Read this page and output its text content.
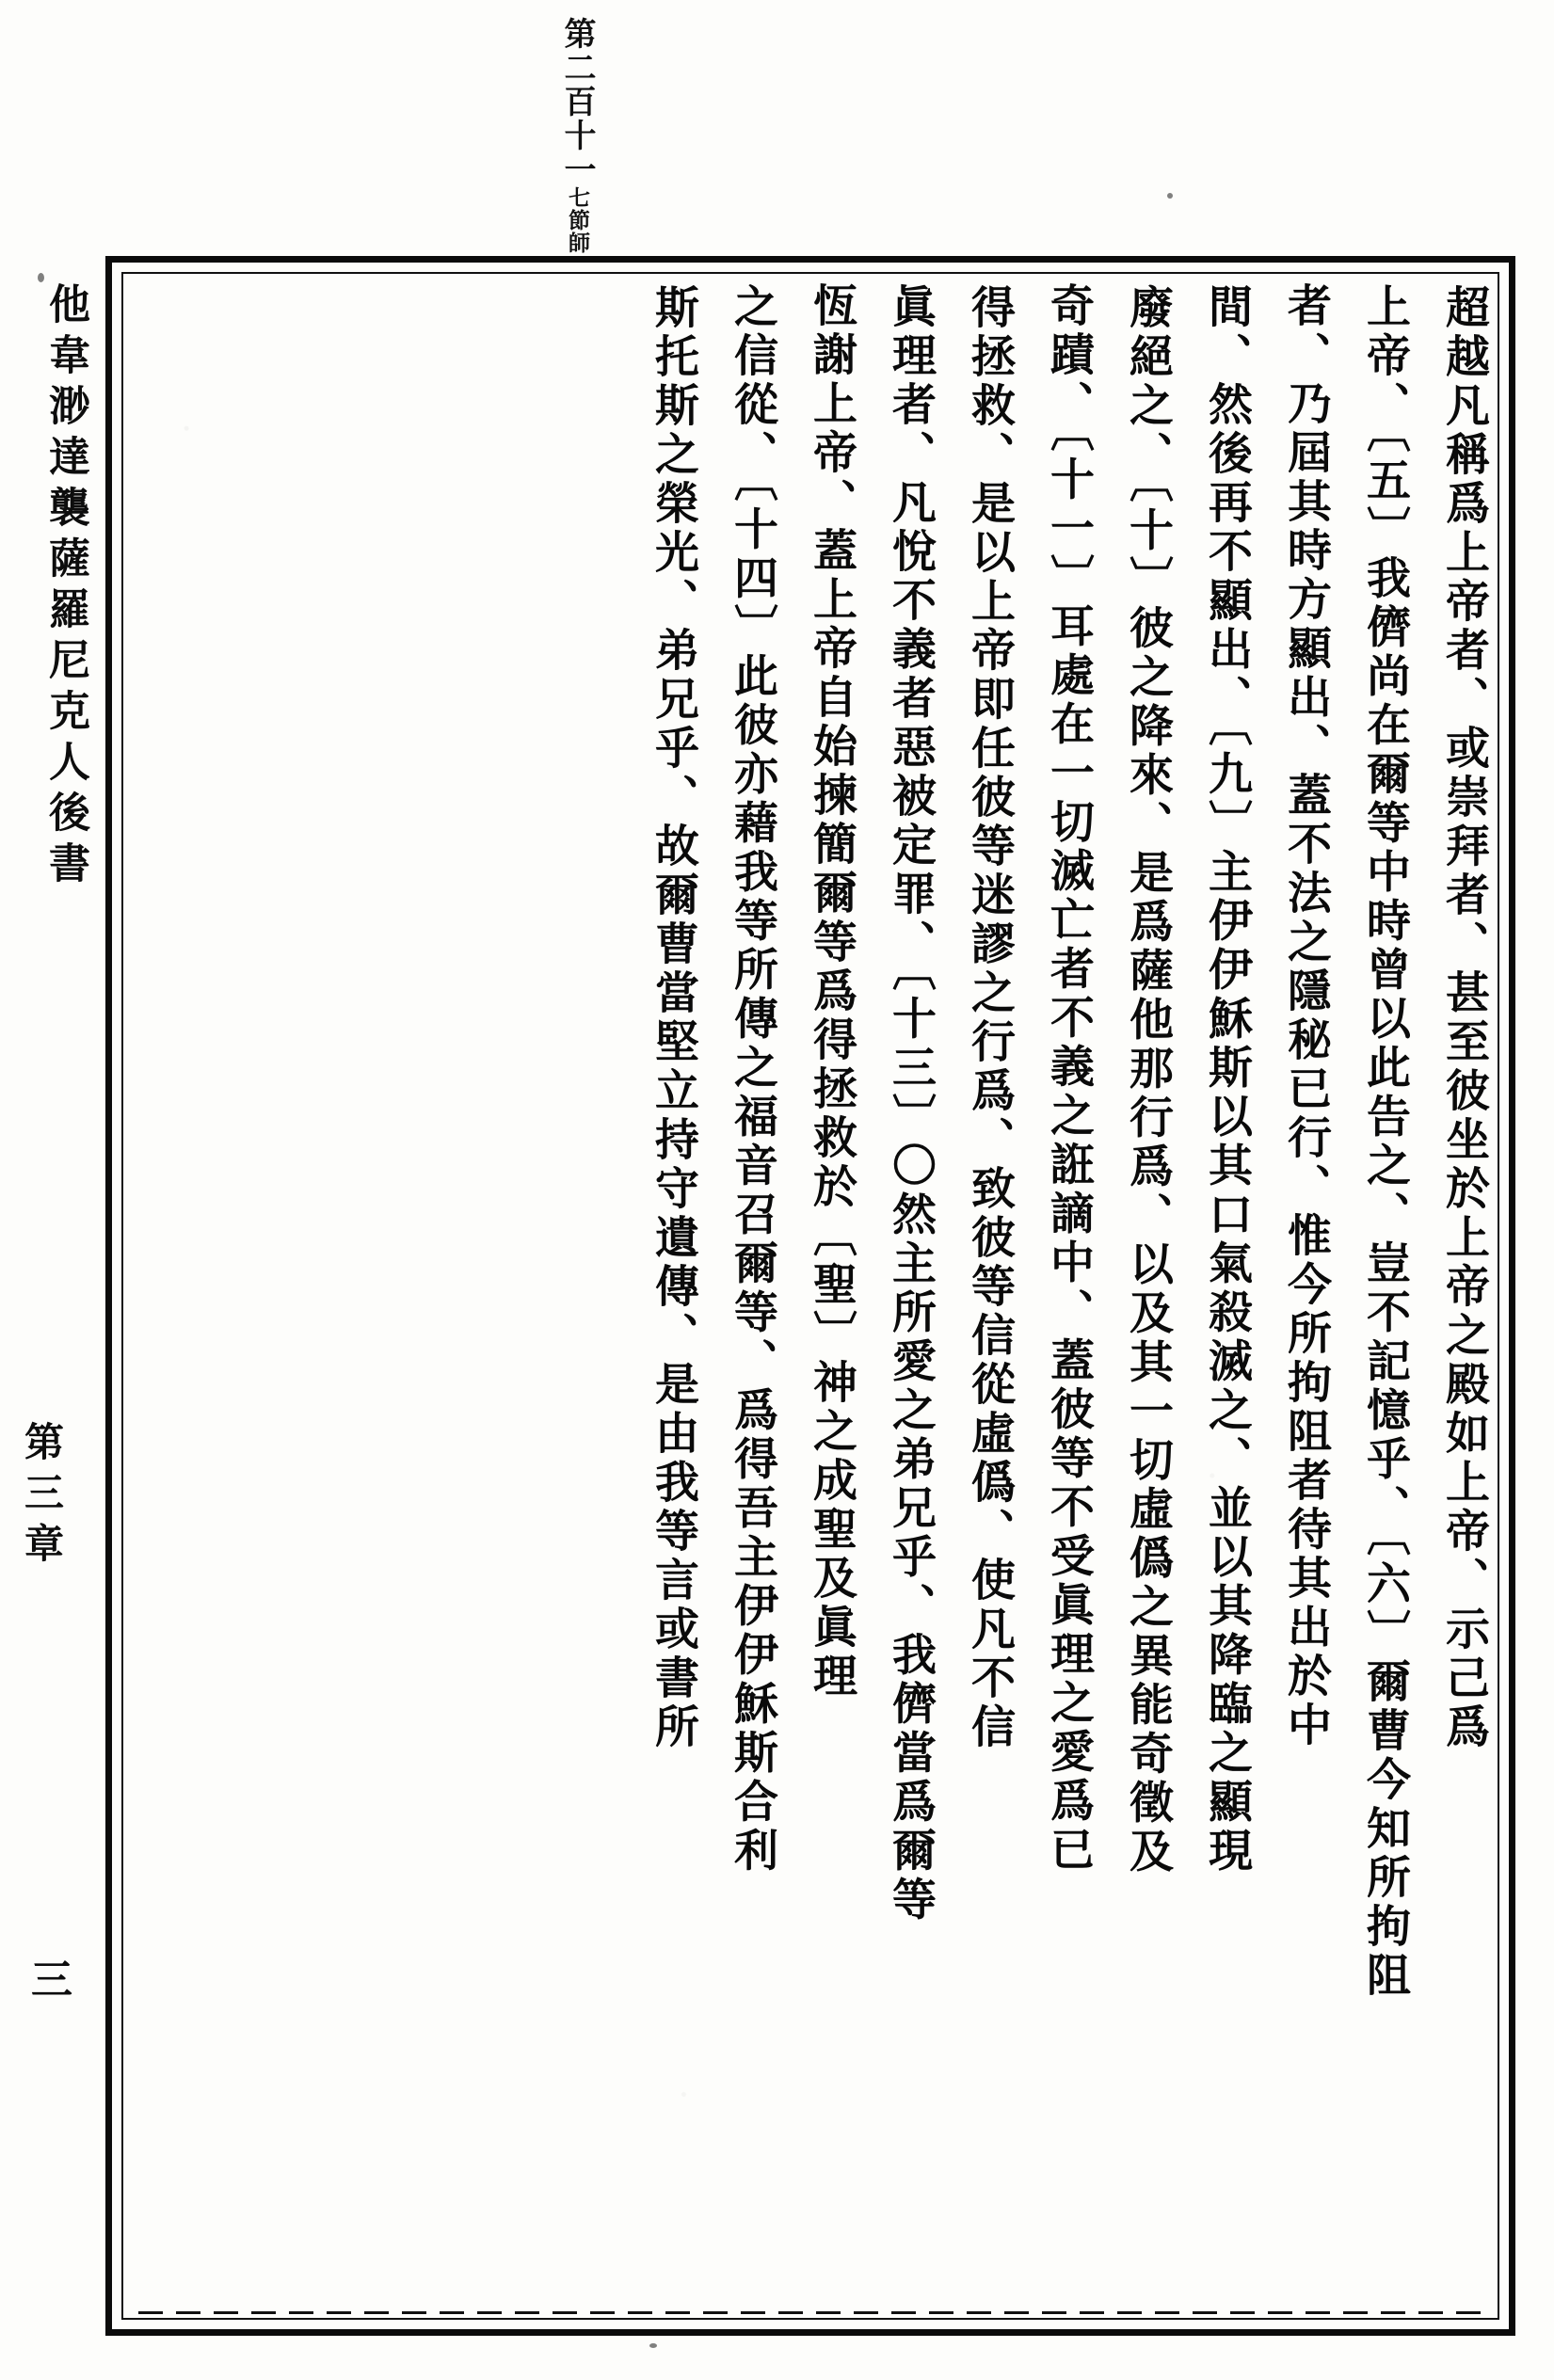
第二百十一七節師
他韋渺達襲薩羅尼克人後書
第三章
三
超越凡稱爲上帝者、或崇拜者、甚至彼坐於上帝之殿如上帝、示己爲
上帝、〔五〕我儕尚在爾等中時曾以此告之、豈不記憶乎、〔六〕爾曹今知所拘阻
者、乃屆其時方顯出、蓋不法之隱秘已行、惟今所拘阻者待其出於中
間、然後再不顯出、〔九〕主伊伊穌斯以其口氣殺滅之、並以其降臨之顯現
廢絕之、〔十〕彼之降來、是爲薩他那行爲、以及其一切虛僞之異能奇徵及
奇蹟、〔十一〕耳處在一切滅亡者不義之誑謫中、蓋彼等不受眞理之愛爲已
得拯救、是以上帝即任彼等迷謬之行爲、致彼等信從虛僞、使凡不信
眞理者、凡悅不義者惡被定罪、〔十三〕〇然主所愛之弟兄乎、我儕當爲爾等
恆謝上帝、蓋上帝自始揀簡爾等爲得拯救於〔聖〕神之成聖及眞理
之信從、〔十四〕此彼亦藉我等所傳之福音召爾等、爲得吾主伊伊穌斯合利
斯托斯之榮光、弟兄乎、故爾曹當堅立持守遺傳、是由我等言或書所
